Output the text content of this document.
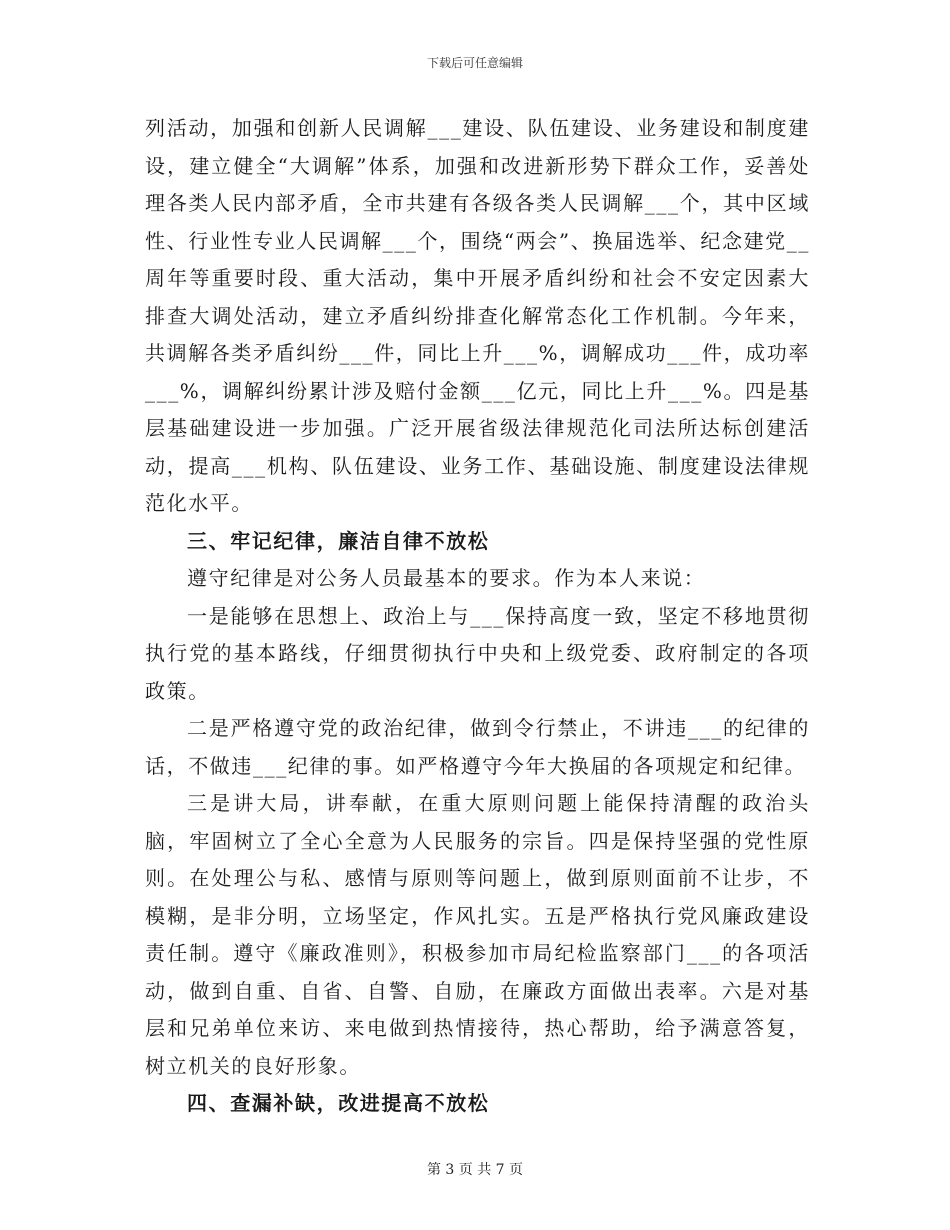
下载后可任意编辑

列活动，加强和创新人民调解___建设、队伍建设、业务建设和制度建设，建立健全“大调解”体系，加强和改进新形势下群众工作，妥善处理各类人民内部矛盾，全市共建有各级各类人民调解___个，其中区域性、行业性专业人民调解___个，围绕“两会”、换届选举、纪念建党__周年等重要时段、重大活动，集中开展矛盾纠纷和社会不安定因素大排查大调处活动，建立矛盾纠纷排查化解常态化工作机制。今年来，共调解各类矛盾纠纷___件，同比上升___%，调解成功___件，成功率___%，调解纠纷累计涉及赔付金额___亿元，同比上升___%。四是基层基础建设进一步加强。广泛开展省级法律规范化司法所达标创建活动，提高___机构、队伍建设、业务工作、基础设施、制度建设法律规范化水平。

三、牢记纪律，廉洁自律不放松

遵守纪律是对公务人员最基本的要求。作为本人来说：

一是能够在思想上、政治上与___保持高度一致，坚定不移地贯彻执行党的基本路线，仔细贯彻执行中央和上级党委、政府制定的各项政策。

二是严格遵守党的政治纪律，做到令行禁止，不讲违___的纪律的话，不做违___纪律的事。如严格遵守今年大换届的各项规定和纪律。

三是讲大局，讲奉献，在重大原则问题上能保持清醒的政治头脑，牢固树立了全心全意为人民服务的宗旨。四是保持坚强的党性原则。在处理公与私、感情与原则等问题上，做到原则面前不让步，不模糊，是非分明，立场坚定，作风扎实。五是严格执行党风廉政建设责任制。遵守《廉政准则》，积极参加市局纪检监察部门___的各项活动，做到自重、自省、自警、自励，在廉政方面做出表率。六是对基层和兄弟单位来访、来电做到热情接待，热心帮助，给予满意答复，树立机关的良好形象。

四、查漏补缺，改进提高不放松

第 3 页 共 7 页
